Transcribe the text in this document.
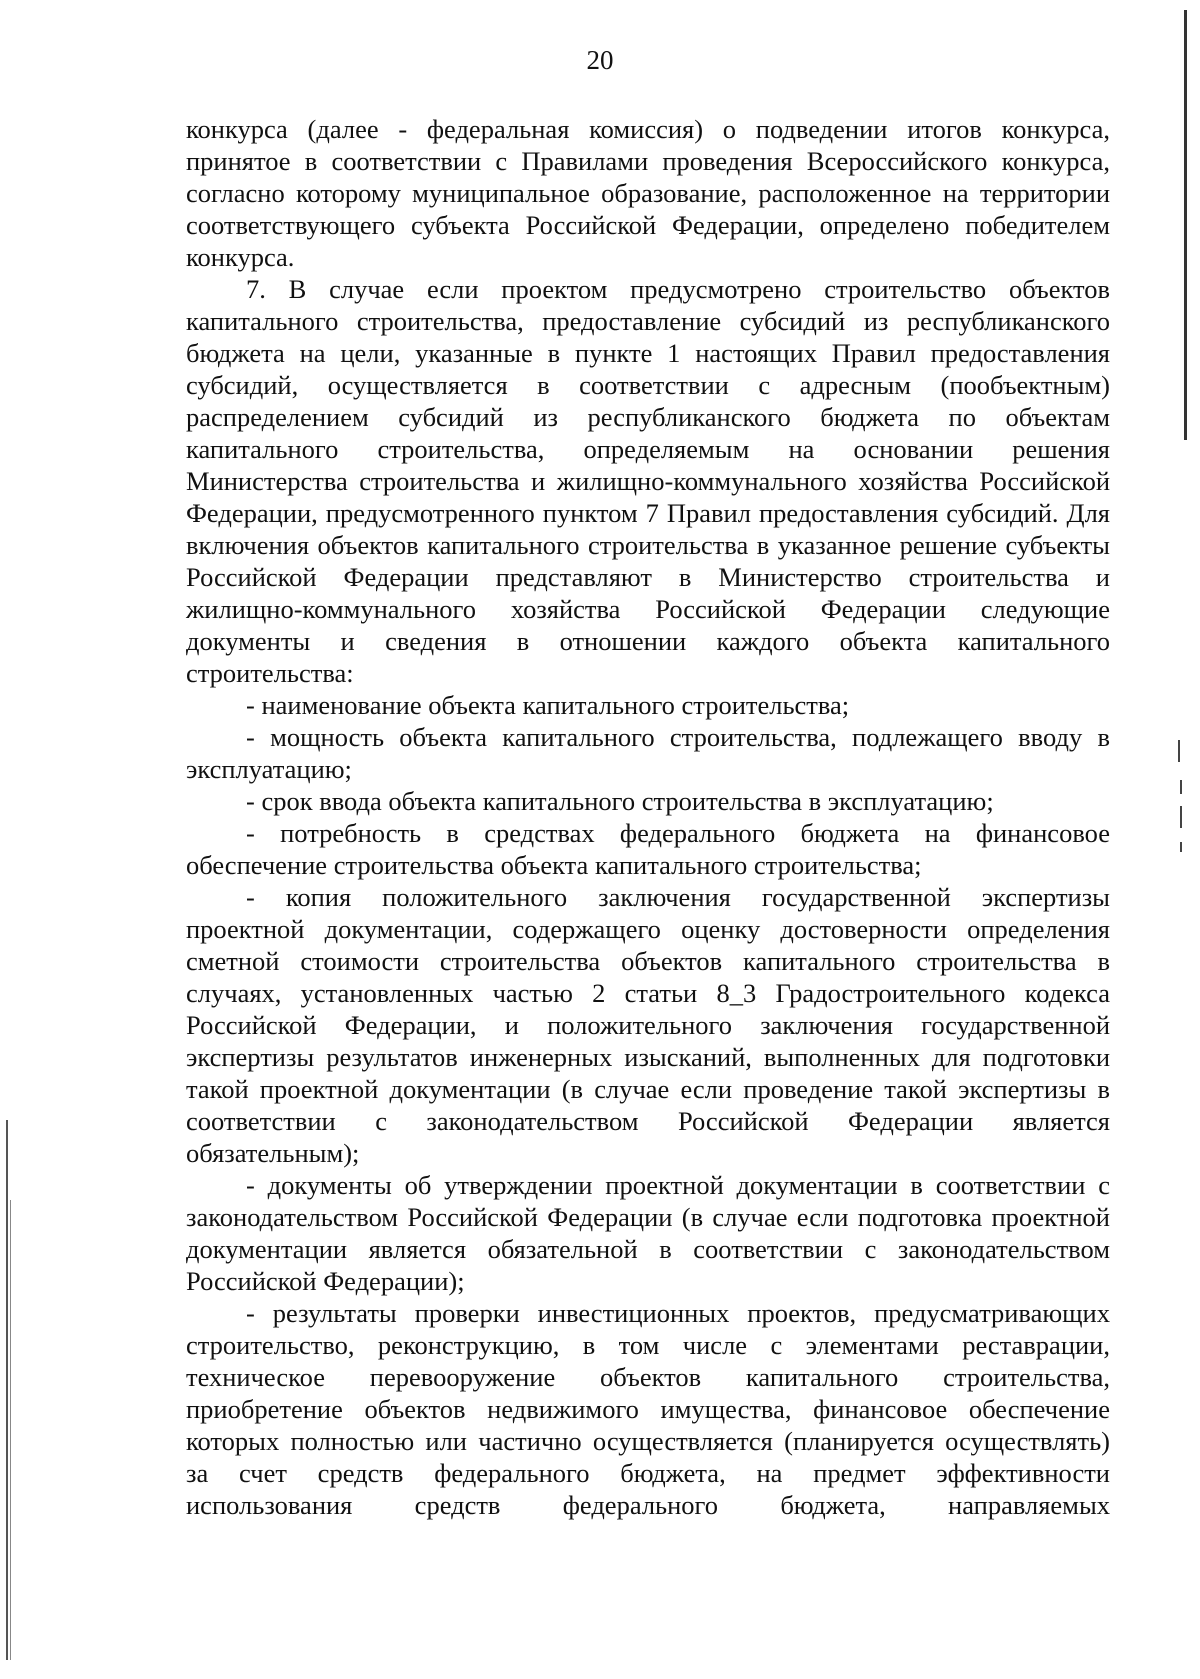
20

конкурса (далее - федеральная комиссия) о подведении итогов конкурса, принятое в соответствии с Правилами проведения Всероссийского конкурса, согласно которому муниципальное образование, расположенное на территории соответствующего субъекта Российской Федерации, определено победителем конкурса.

7. В случае если проектом предусмотрено строительство объектов капитального строительства, предоставление субсидий из республиканского бюджета на цели, указанные в пункте 1 настоящих Правил предоставления субсидий, осуществляется в соответствии с адресным (пообъектным) распределением субсидий из республиканского бюджета по объектам капитального строительства, определяемым на основании решения Министерства строительства и жилищно-коммунального хозяйства Российской Федерации, предусмотренного пунктом 7 Правил предоставления субсидий. Для включения объектов капитального строительства в указанное решение субъекты Российской Федерации представляют в Министерство строительства и жилищно-коммунального хозяйства Российской Федерации следующие документы и сведения в отношении каждого объекта капитального строительства:

- наименование объекта капитального строительства;

- мощность объекта капитального строительства, подлежащего вводу в эксплуатацию;

- срок ввода объекта капитального строительства в эксплуатацию;

- потребность в средствах федерального бюджета на финансовое обеспечение строительства объекта капитального строительства;

- копия положительного заключения государственной экспертизы проектной документации, содержащего оценку достоверности определения сметной стоимости строительства объектов капитального строительства в случаях, установленных частью 2 статьи 8_3 Градостроительного кодекса Российской Федерации, и положительного заключения государственной экспертизы результатов инженерных изысканий, выполненных для подготовки такой проектной документации (в случае если проведение такой экспертизы в соответствии с законодательством Российской Федерации является обязательным);

- документы об утверждении проектной документации в соответствии с законодательством Российской Федерации (в случае если подготовка проектной документации является обязательной в соответствии с законодательством Российской Федерации);

- результаты проверки инвестиционных проектов, предусматривающих строительство, реконструкцию, в том числе с элементами реставрации, техническое перевооружение объектов капитального строительства, приобретение объектов недвижимого имущества, финансовое обеспечение которых полностью или частично осуществляется (планируется осуществлять) за счет средств федерального бюджета, на предмет эффективности использования средств федерального бюджета, направляемых
